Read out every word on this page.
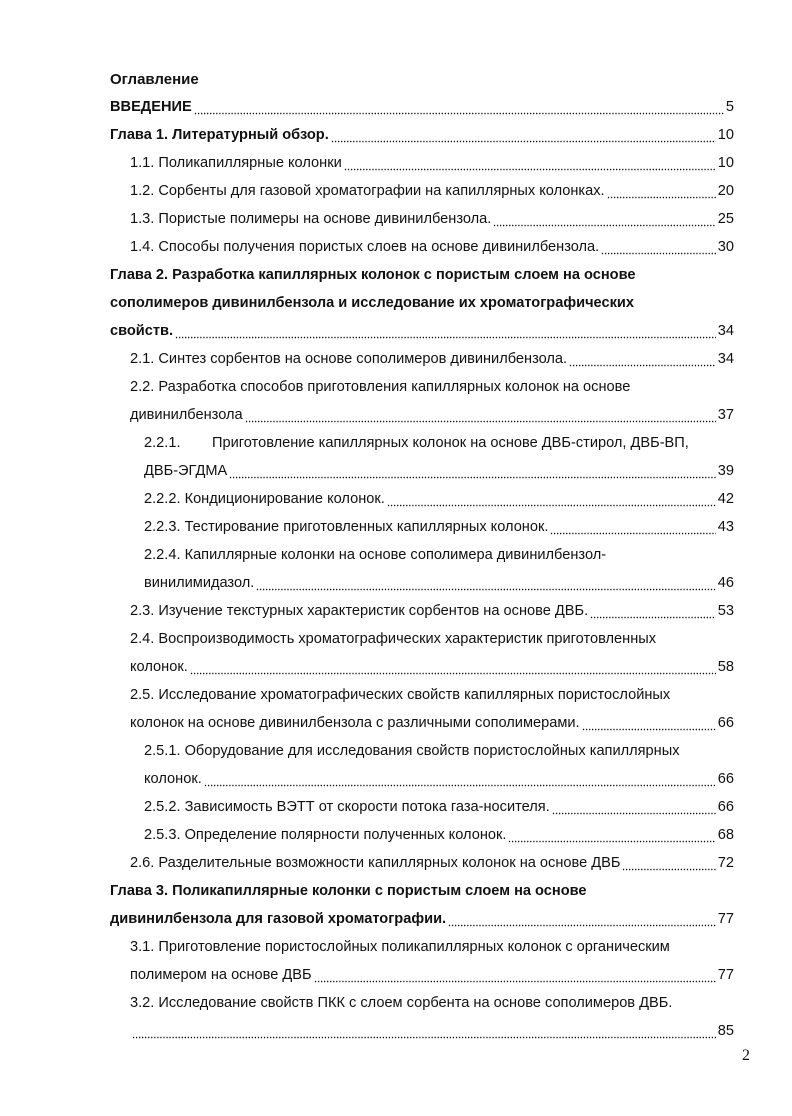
Оглавление
ВВЕДЕНИЕ	5
Глава 1. Литературный обзор.	10
1.1. Поликапиллярные колонки	10
1.2. Сорбенты для газовой хроматографии на капиллярных колонках.	20
1.3. Пористые полимеры на основе дивинилбензола.	25
1.4. Способы получения пористых слоев на основе дивинилбензола.	30
Глава 2. Разработка капиллярных колонок с пористым слоем на основе
сополимеров дивинилбензола и исследование их хроматографических
свойств.	34
2.1. Синтез сорбентов на основе сополимеров дивинилбензола.	34
2.2. Разработка способов приготовления капиллярных колонок на основе
дивинилбензола	37
2.2.1.	Приготовление капиллярных колонок на основе ДВБ-стирол, ДВБ-ВП,
ДВБ-ЭГДМА	39
2.2.2. Кондиционирование колонок.	42
2.2.3. Тестирование приготовленных капиллярных колонок.	43
2.2.4. Капиллярные колонки на основе сополимера дивинилбензол-
винилимидазол.	46
2.3. Изучение текстурных характеристик сорбентов на основе ДВБ.	53
2.4. Воспроизводимость хроматографических характеристик приготовленных
колонок.	58
2.5. Исследование хроматографических свойств капиллярных пористослойных
колонок на основе дивинилбензола с различными сополимерами.	66
2.5.1. Оборудование для исследования свойств пористослойных капиллярных
колонок.	66
2.5.2. Зависимость ВЭТТ от скорости потока газа-носителя.	66
2.5.3. Определение полярности полученных колонок.	68
2.6. Разделительные возможности капиллярных колонок на основе ДВБ	72
Глава 3. Поликапиллярные колонки с пористым слоем на основе
дивинилбензола для газовой хроматографии.	77
3.1. Приготовление пористослойных поликапиллярных колонок с органическим
полимером на основе ДВБ	77
3.2. Исследование свойств ПКК с слоем сорбента на основе сополимеров ДВБ.
85
2
